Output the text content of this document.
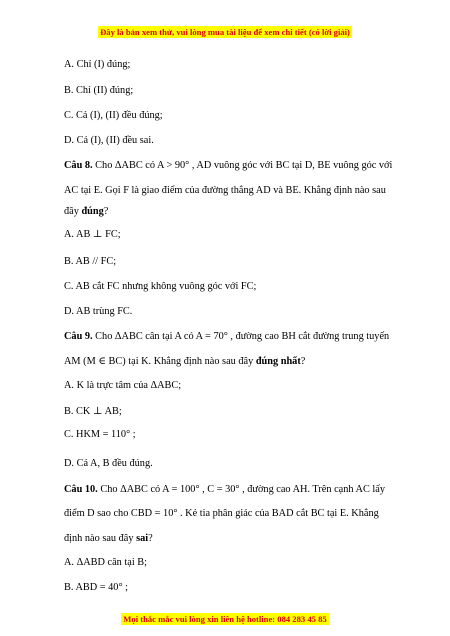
Đây là bản xem thử, vui lòng mua tài liệu để xem chi tiết (có lời giải)
A. Chỉ (I) đúng;
B. Chỉ (II) đúng;
C. Cả (I), (II) đều đúng;
D. Cả (I), (II) đều sai.
Câu 8. Cho ΔABC có A > 90° , AD vuông góc với BC tại D, BE vuông góc với
AC tại E. Gọi F là giao điểm của đường thẳng AD và BE. Khẳng định nào sau
đây đúng?
A. AB ⊥ FC;
B. AB // FC;
C. AB cắt FC nhưng không vuông góc với FC;
D. AB trùng FC.
Câu 9. Cho ΔABC cân tại A có A = 70° , đường cao BH cắt đường trung tuyến
AM (M ∈ BC) tại K. Khẳng định nào sau đây đúng nhất?
A. K là trực tâm của ΔABC;
B. CK ⊥ AB;
C. HKM = 110° ;
D. Cả A, B đều đúng.
Câu 10. Cho ΔABC có A = 100° , C = 30° , đường cao AH. Trên cạnh AC lấy
điểm D sao cho CBD = 10° . Kẻ tia phân giác của BAD cắt BC tại E. Khẳng
định nào sau đây sai?
A. ΔABD cân tại B;
B. ABD = 40° ;
Mọi thắc mắc vui lòng xin liên hệ hotline: 084 283 45 85
